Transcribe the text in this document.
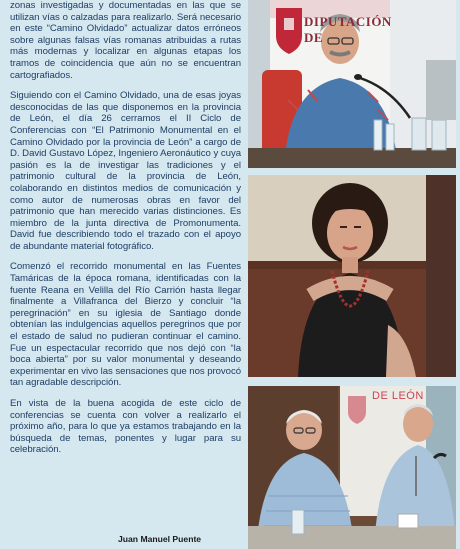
zonas investigadas y documentadas en las que se utilizan vías o calzadas para realizarlo. Será necesario en este “Camino Olvidado” actualizar datos erróneos sobre algunas falsas vías romanas atribuidas a rutas más modernas y localizar en algunas etapas los tramos de coincidencia que aún no se encuentran cartografiados.

Siguiendo con el Camino Olvidado, una de esas joyas desconocidas de las que disponemos en la provincia de León, el día 26 cerramos el II Ciclo de Conferencias con “El Patrimonio Monumental en el Camino Olvidado por la provincia de León” a cargo de D. David Gustavo López, Ingeniero Aeronáutico y cuya pasión es la de investigar las tradiciones y el patrimonio cultural de la provincia de León, colaborando en distintos medios de comunicación y como autor de numerosas obras en favor del patrimonio que han merecido varias distinciones. Es miembro de la junta directiva de Promonumenta. David fue describiendo todo el trazado con el apoyo de abundante material fotográfico.

Comenzó el recorrido monumental en las Fuentes Tamáricas de la época romana, identificadas con la fuente Reana en Velilla del Río Carrión hasta llegar finalmente a Villafranca del Bierzo y concluir “la peregrinación” en su iglesia de Santiago donde obtenían las indulgencias aquellos peregrinos que por el estado de salud no pudieran continuar el camino. Fue un espectacular recorrido que nos dejó con “la boca abierta” por su valor monumental y deseando experimentar en vivo las sensaciones que nos provocó tan agradable descripción.

En vista de la buena acogida de este ciclo de conferencias se cuenta con volver a realizarlo el próximo año, para lo que ya estamos trabajando en la búsqueda de temas, ponentes y lugar para su celebración.

Juan Manuel Puente
DIPUTACIÓN
DE
DE LEÓN
